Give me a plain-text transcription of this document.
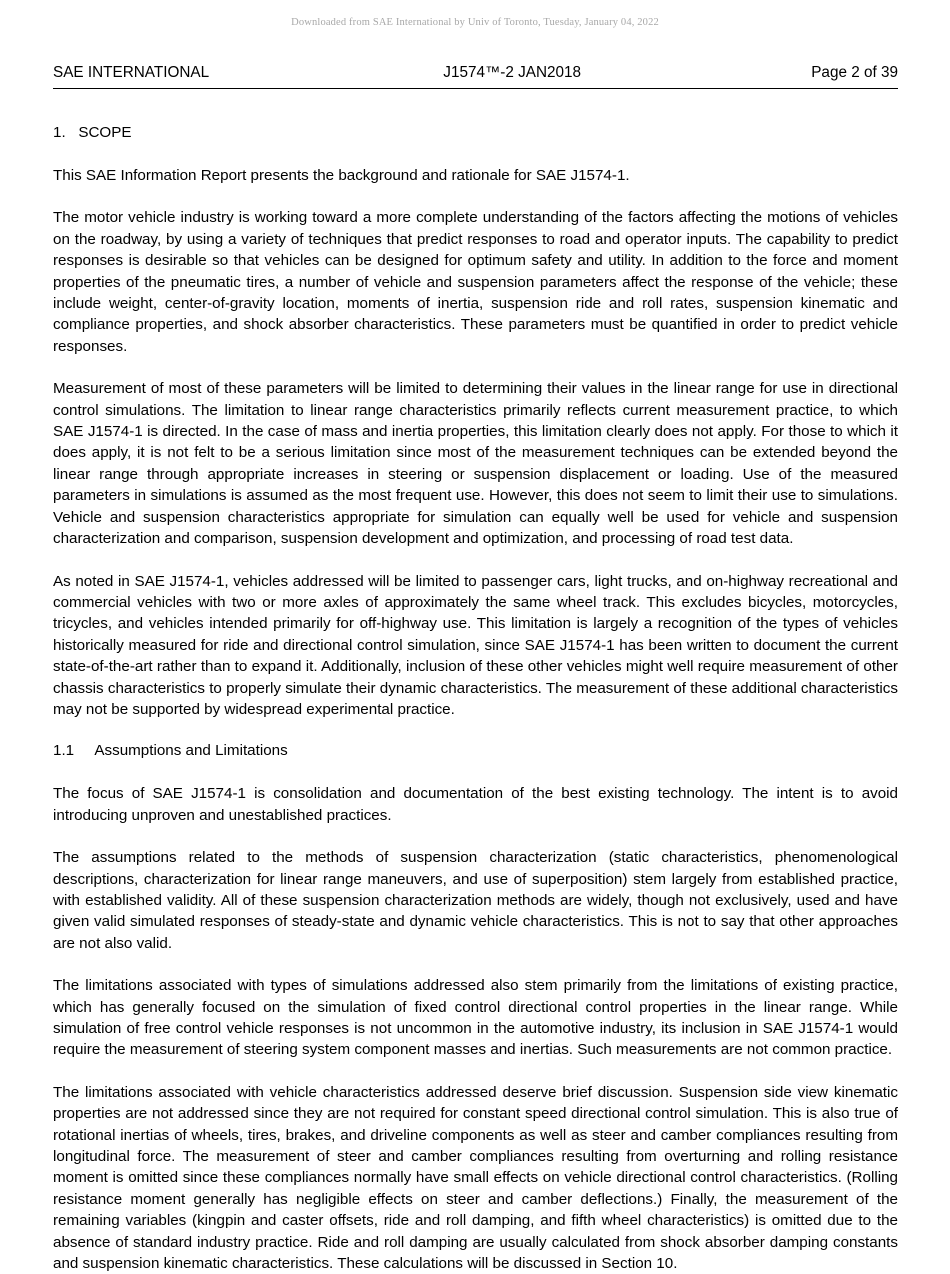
Downloaded from SAE International by Univ of Toronto, Tuesday, January 04, 2022
SAE INTERNATIONAL	J1574™-2 JAN2018	Page 2 of 39
1.   SCOPE

This SAE Information Report presents the background and rationale for SAE J1574-1.

The motor vehicle industry is working toward a more complete understanding of the factors affecting the motions of vehicles on the roadway, by using a variety of techniques that predict responses to road and operator inputs. The capability to predict responses is desirable so that vehicles can be designed for optimum safety and utility. In addition to the force and moment properties of the pneumatic tires, a number of vehicle and suspension parameters affect the response of the vehicle; these include weight, center-of-gravity location, moments of inertia, suspension ride and roll rates, suspension kinematic and compliance properties, and shock absorber characteristics. These parameters must be quantified in order to predict vehicle responses.

Measurement of most of these parameters will be limited to determining their values in the linear range for use in directional control simulations. The limitation to linear range characteristics primarily reflects current measurement practice, to which SAE J1574-1 is directed. In the case of mass and inertia properties, this limitation clearly does not apply. For those to which it does apply, it is not felt to be a serious limitation since most of the measurement techniques can be extended beyond the linear range through appropriate increases in steering or suspension displacement or loading. Use of the measured parameters in simulations is assumed as the most frequent use. However, this does not seem to limit their use to simulations. Vehicle and suspension characteristics appropriate for simulation can equally well be used for vehicle and suspension characterization and comparison, suspension development and optimization, and processing of road test data.

As noted in SAE J1574-1, vehicles addressed will be limited to passenger cars, light trucks, and on-highway recreational and commercial vehicles with two or more axles of approximately the same wheel track. This excludes bicycles, motorcycles, tricycles, and vehicles intended primarily for off-highway use. This limitation is largely a recognition of the types of vehicles historically measured for ride and directional control simulation, since SAE J1574-1 has been written to document the current state-of-the-art rather than to expand it. Additionally, inclusion of these other vehicles might well require measurement of other chassis characteristics to properly simulate their dynamic characteristics. The measurement of these additional characteristics may not be supported by widespread experimental practice.

1.1     Assumptions and Limitations

The focus of SAE J1574-1 is consolidation and documentation of the best existing technology. The intent is to avoid introducing unproven and unestablished practices.

The assumptions related to the methods of suspension characterization (static characteristics, phenomenological descriptions, characterization for linear range maneuvers, and use of superposition) stem largely from established practice, with established validity. All of these suspension characterization methods are widely, though not exclusively, used and have given valid simulated responses of steady-state and dynamic vehicle characteristics. This is not to say that other approaches are not also valid.

The limitations associated with types of simulations addressed also stem primarily from the limitations of existing practice, which has generally focused on the simulation of fixed control directional control properties in the linear range. While simulation of free control vehicle responses is not uncommon in the automotive industry, its inclusion in SAE J1574-1 would require the measurement of steering system component masses and inertias. Such measurements are not common practice.

The limitations associated with vehicle characteristics addressed deserve brief discussion. Suspension side view kinematic properties are not addressed since they are not required for constant speed directional control simulation. This is also true of rotational inertias of wheels, tires, brakes, and driveline components as well as steer and camber compliances resulting from longitudinal force. The measurement of steer and camber compliances resulting from overturning and rolling resistance moment is omitted since these compliances normally have small effects on vehicle directional control characteristics. (Rolling resistance moment generally has negligible effects on steer and camber deflections.) Finally, the measurement of the remaining variables (kingpin and caster offsets, ride and roll damping, and fifth wheel characteristics) is omitted due to the absence of standard industry practice. Ride and roll damping are usually calculated from shock absorber damping constants and suspension kinematic characteristics. These calculations will be discussed in Section 10.
